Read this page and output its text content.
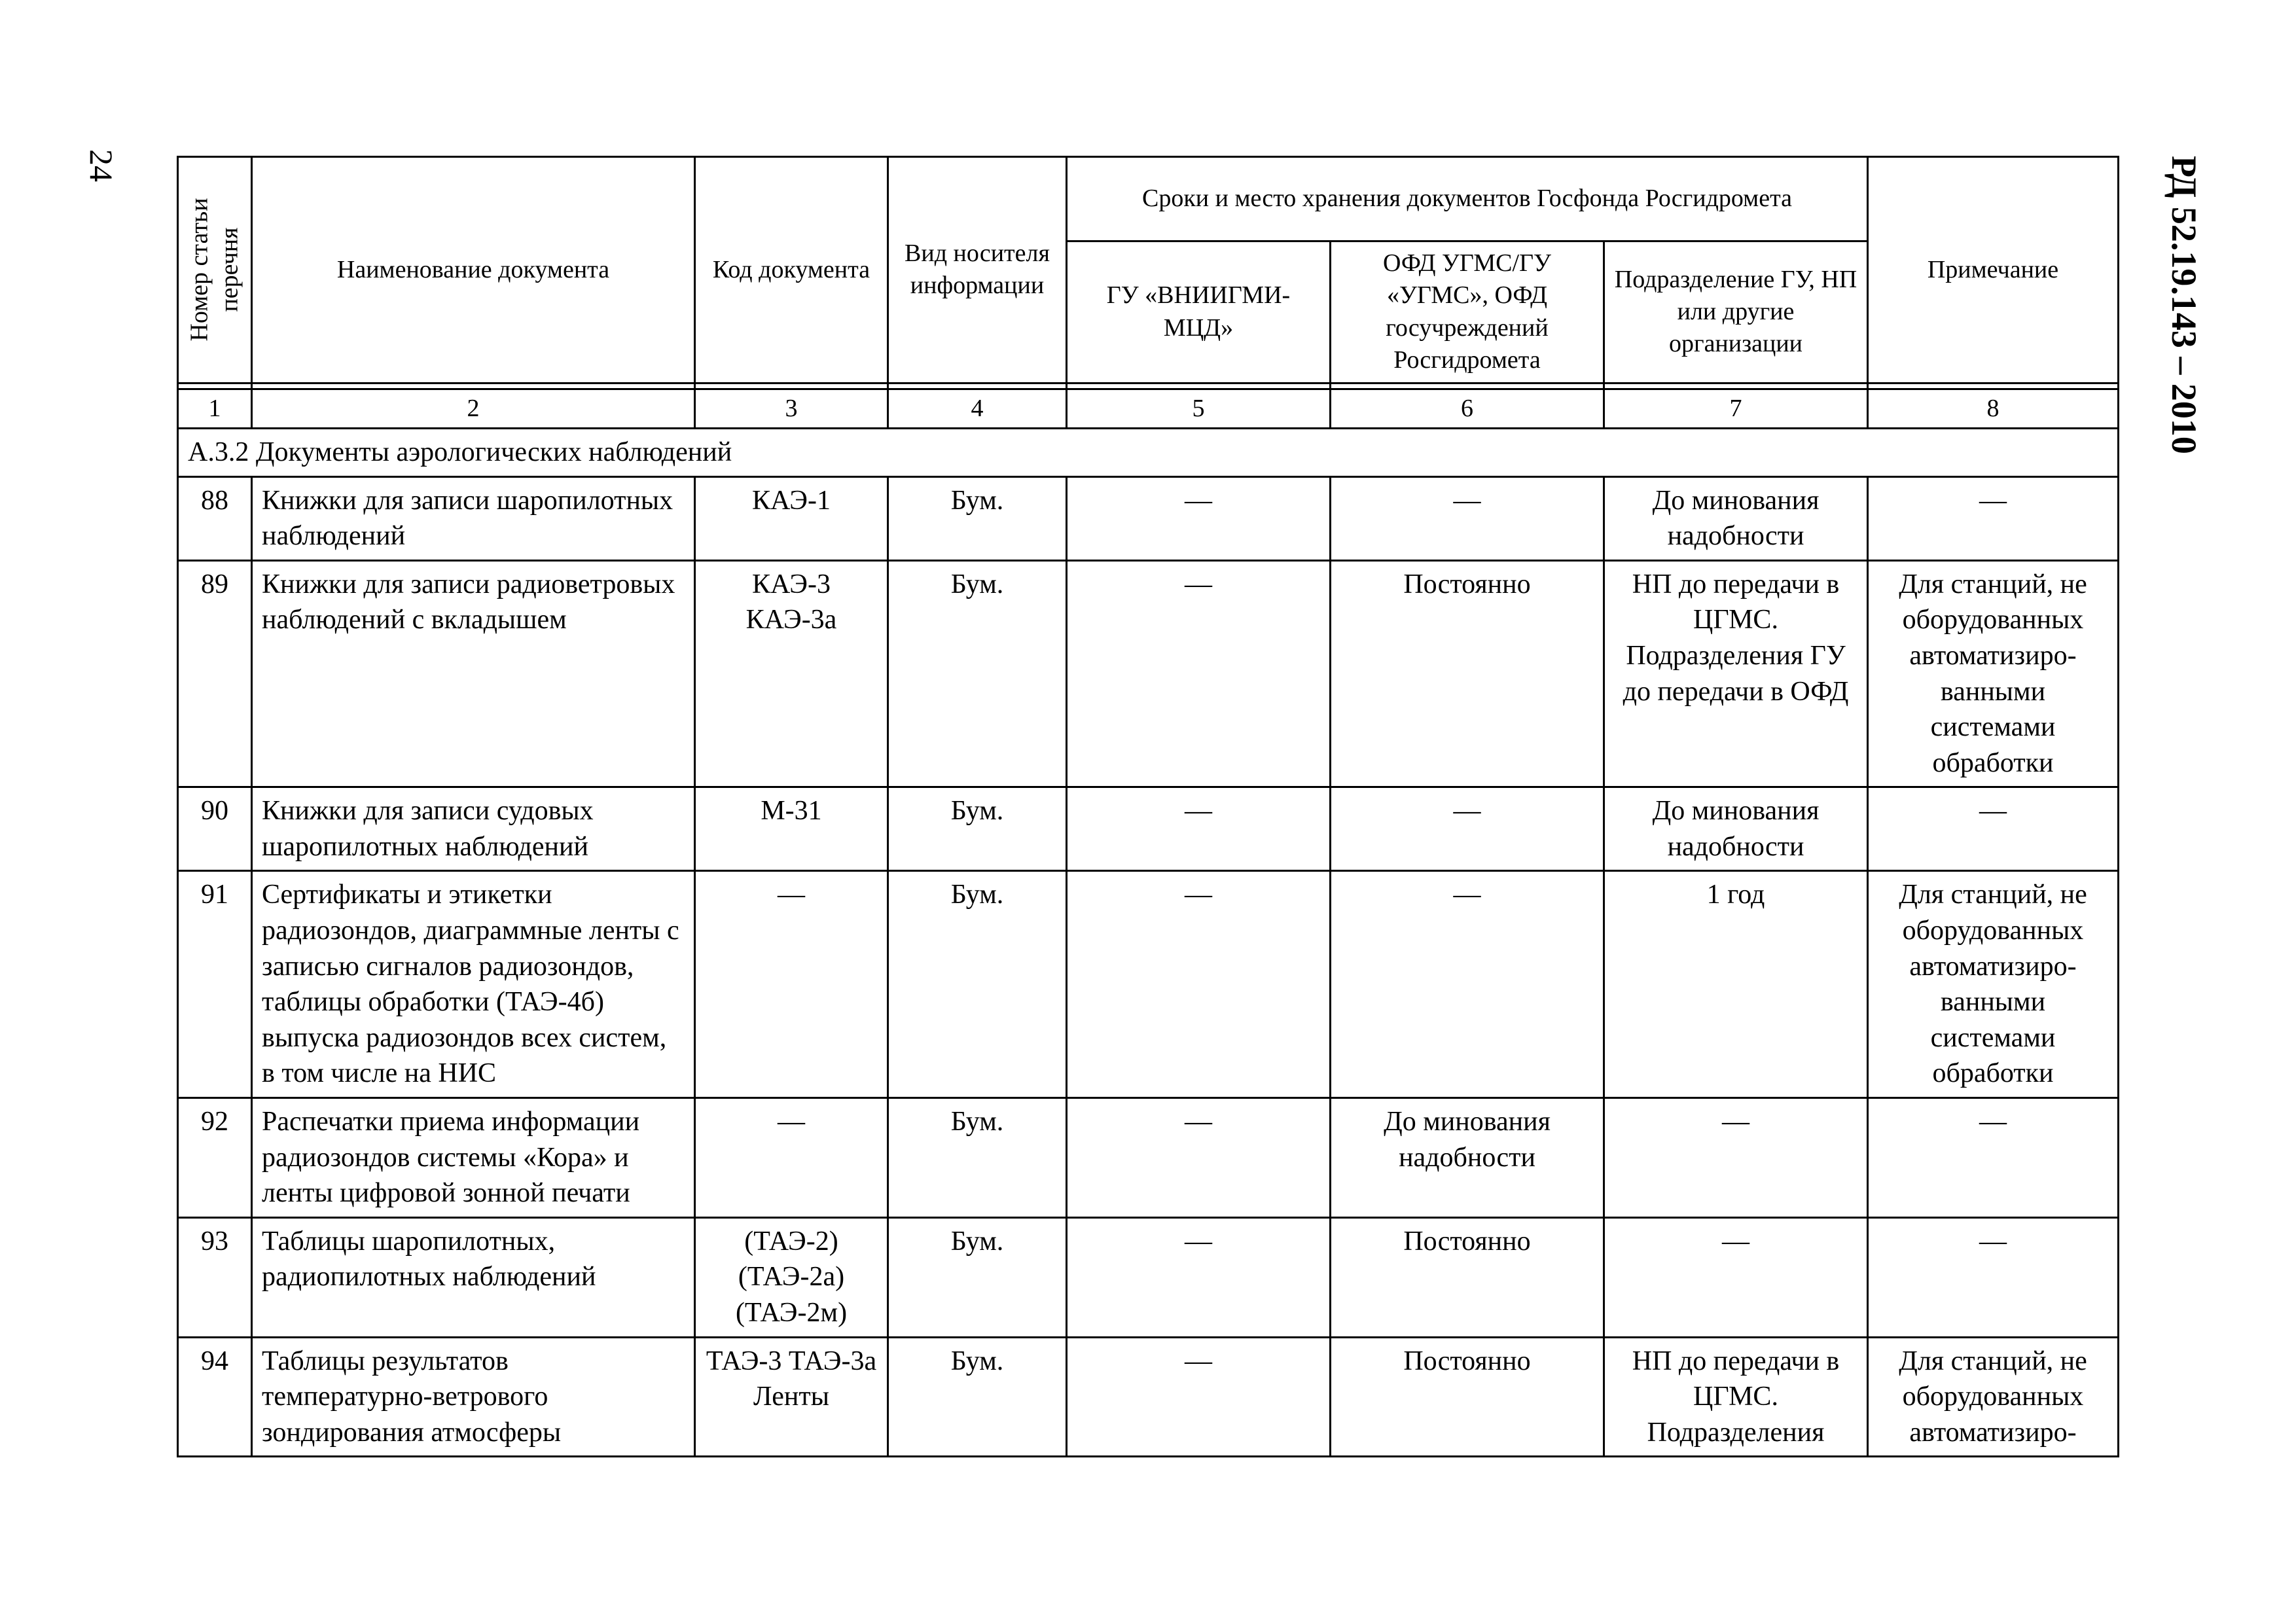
24	РД 52.19.143 – 2010
Номер статьи перечня	Наименование документа	Код документа	Вид носителя информации	Сроки и место хранения документов Госфонда Росгидромета			Примечание
				ГУ «ВНИИГМИ-МЦД»	ОФД УГМС/ГУ «УГМС», ОФД госучреждений Росгидромета	Подразделение ГУ, НП или другие организации	

1	2	3	4	5	6	7	8
А.3.2 Документы аэрологических наблюдений							
88	Книжки для записи шаропилотных наблюдений	КАЭ-1	Бум.	—	—	До минования надобности	—
89	Книжки для записи радиоветровых наблюдений с вкладышем	КАЭ-3 КАЭ-3а	Бум.	—	Постоянно	НП до передачи в ЦГМС. Подразделения ГУ до передачи в ОФД	Для станций, не оборудованных автоматизиро-ванными системами обработки
90	Книжки для записи судовых шаропилотных наблюдений	М-31	Бум.	—	—	До минования надобности	—
91	Сертификаты и этикетки радиозондов, диаграммные ленты с записью сигналов радиозондов, таблицы обработки (ТАЭ-4б) выпуска радиозондов всех систем, в том числе на НИС	—	Бум.	—	—	1 год	Для станций, не оборудованных автоматизиро-ванными системами обработки
92	Распечатки приема информации радиозондов системы «Кора» и ленты цифровой зонной печати	—	Бум.	—	До минования надобности	—	—
93	Таблицы шаропилотных, радиопилотных наблюдений	(ТАЭ-2) (ТАЭ-2а) (ТАЭ-2м)	Бум.	—	Постоянно	—	—
94	Таблицы результатов температурно-ветрового зондирования атмосферы	ТАЭ-3 ТАЭ-3а Ленты	Бум.	—	Постоянно	НП до передачи в ЦГМС. Подразделения	Для станций, не оборудованных автоматизиро-
